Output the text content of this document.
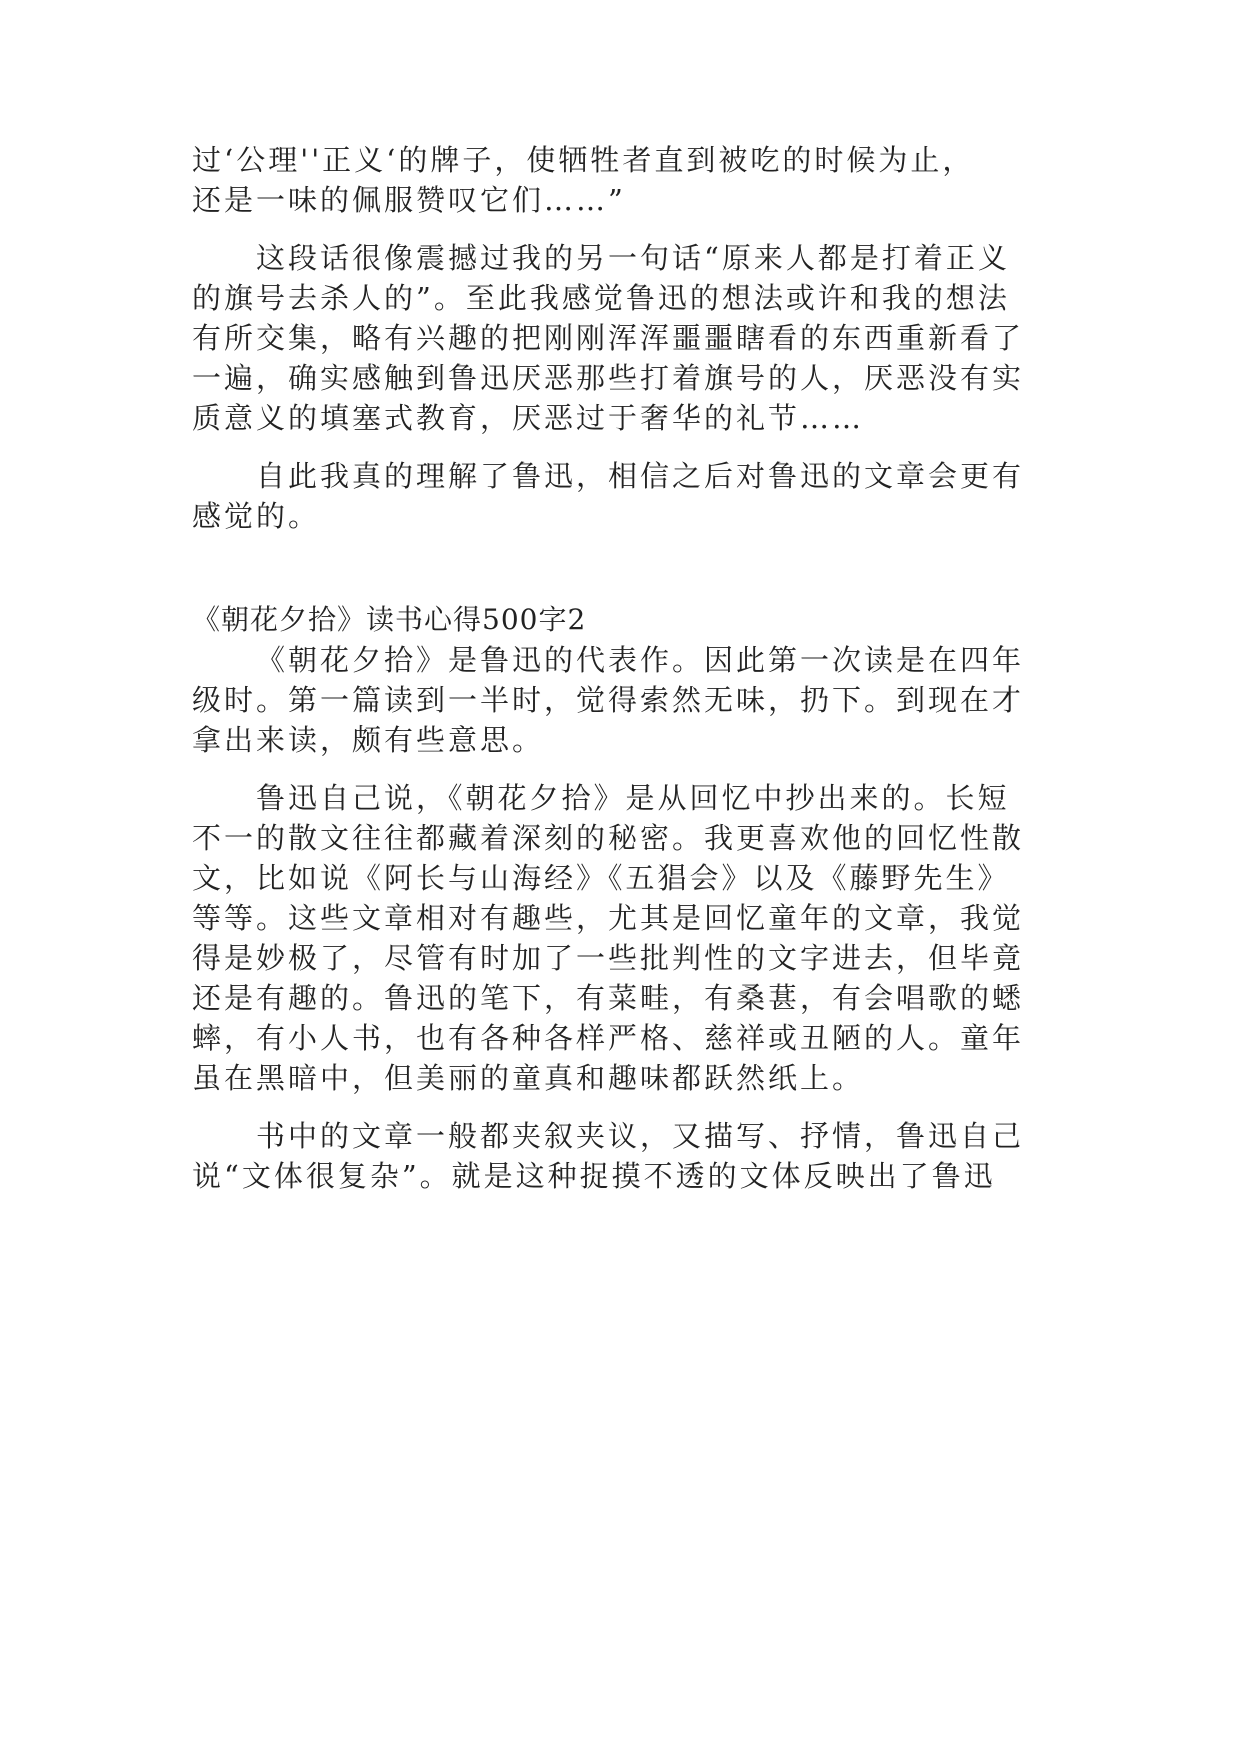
过‘公理''正义‘的牌子，使牺牲者直到被吃的时候为止，

还是一味的佩服赞叹它们……”

这段话很像震撼过我的另一句话“原来人都是打着正义

的旗号去杀人的”。至此我感觉鲁迅的想法或许和我的想法

有所交集，略有兴趣的把刚刚浑浑噩噩瞎看的东西重新看了

一遍，确实感触到鲁迅厌恶那些打着旗号的人，厌恶没有实

质意义的填塞式教育，厌恶过于奢华的礼节……

自此我真的理解了鲁迅，相信之后对鲁迅的文章会更有

感觉的。

《朝花夕拾》读书心得500字2

《朝花夕拾》是鲁迅的代表作。因此第一次读是在四年

级时。第一篇读到一半时，觉得索然无味，扔下。到现在才

拿出来读，颇有些意思。

鲁迅自己说，《朝花夕拾》是从回忆中抄出来的。长短

不一的散文往往都藏着深刻的秘密。我更喜欢他的回忆性散

文，比如说《阿长与山海经》《五猖会》以及《藤野先生》

等等。这些文章相对有趣些，尤其是回忆童年的文章，我觉

得是妙极了，尽管有时加了一些批判性的文字进去，但毕竟

还是有趣的。鲁迅的笔下，有菜畦，有桑葚，有会唱歌的蟋

蟀，有小人书，也有各种各样严格、慈祥或丑陋的人。童年

虽在黑暗中，但美丽的童真和趣味都跃然纸上。

书中的文章一般都夹叙夹议，又描写、抒情，鲁迅自己

说“文体很复杂”。就是这种捉摸不透的文体反映出了鲁迅
